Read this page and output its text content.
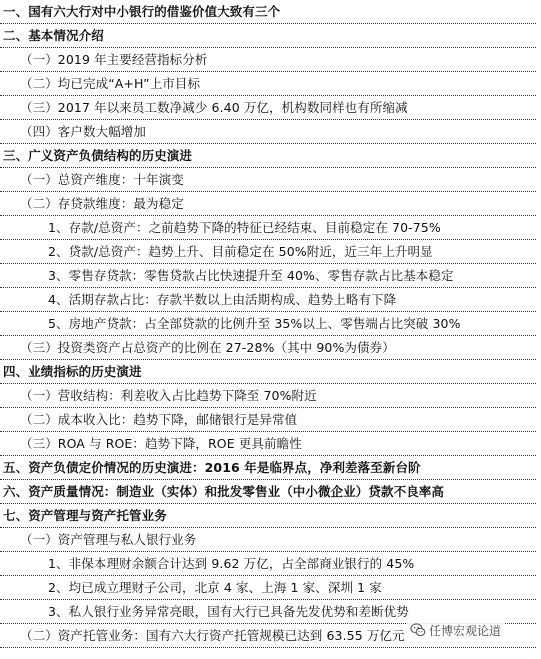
一、国有六大行对中小银行的借鉴价值大致有三个
二、基本情况介绍
（一）2019 年主要经营指标分析
（二）均已完成“A+H”上市目标
（三）2017 年以来员工数净减少 6.40 万亿，机构数同样也有所缩减
（四）客户数大幅增加
三、广义资产负债结构的历史演进
（一）总资产维度：十年演变
（二）存贷款维度：最为稳定
1、存款/总资产：之前趋势下降的特征已经结束、目前稳定在 70-75%
2、贷款/总资产：趋势上升、目前稳定在 50%附近，近三年上升明显
3、零售存贷款：零售贷款占比快速提升至 40%、零售存款占比基本稳定
4、活期存款占比：存款半数以上由活期构成、趋势上略有下降
5、房地产贷款：占全部贷款的比例升至 35%以上、零售端占比突破 30%
（三）投资类资产占总资产的比例在 27-28%（其中 90%为债券）
四、业绩指标的历史演进
（一）营收结构：利差收入占比趋势下降至 70%附近
（二）成本收入比：趋势下降，邮储银行是异常值
（三）ROA 与 ROE：趋势下降，ROE 更具前瞻性
五、资产负债定价情况的历史演进：2016 年是临界点，净利差落至新台阶
六、资产质量情况：制造业（实体）和批发零售业（中小微企业）贷款不良率高
七、资产管理与资产托管业务
（一）资产管理与私人银行业务
1、非保本理财余额合计达到 9.62 万亿，占全部商业银行的 45%
2、均已成立理财子公司，北京 4 家、上海 1 家、深圳 1 家
3、私人银行业务异常亮眼，国有大行已具备先发优势和差断优势
（二）资产托管业务：国有六大行资产托管规模已达到 63.55 万亿元 任博宏观论道
